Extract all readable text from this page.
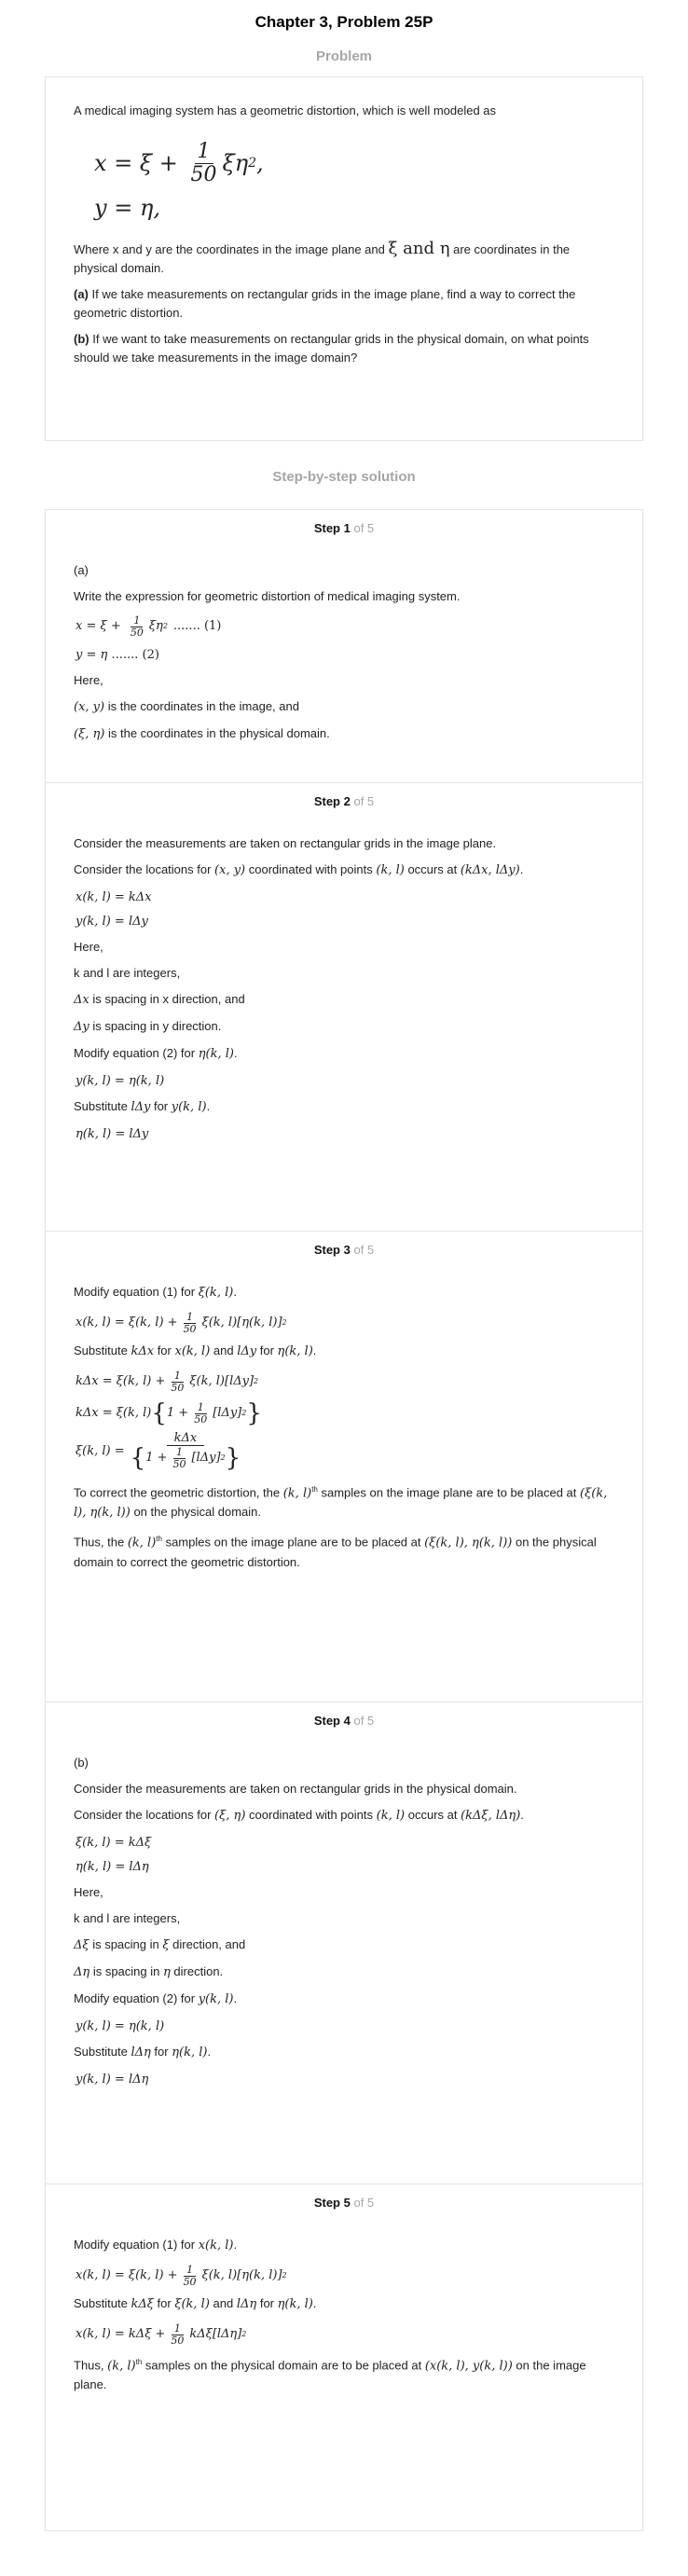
Chapter 3, Problem 25P
Problem

A medical imaging system has a geometric distortion, which is well modeled as

$x = \xi + \frac{1}{50}$ ξη 2 ,
y = η,

Where x and y are the coordinates in the image plane and ξ and η are coordinates in the physical domain.

(a) If we take measurements on rectangular grids in the image plane, find a way to correct the geometric distortion.

(b) If we want to take measurements on rectangular grids in the physical domain, on what points should we take measurements in the image domain?

Step-by-step solution
Step 1 of 5

(a)

Write the expression for geometric distortion of medical imaging system.

$x = \xi + \frac{1}{50}$ ξη 2 ....... (1)
y = η ....... (2)

Here,

(x, y) is the coordinates in the image, and

(ξ, η) is the coordinates in the physical domain.

Step 2 of 5

Consider the measurements are taken on rectangular grids in the image plane.

Consider the locations for (x, y) coordinated with points (k, l) occurs at (kΔx, lΔy).

x(k, l) = kΔx
y(k, l) = lΔy

Here,

k and l are integers,

Δx is spacing in x direction, and

Δy is spacing in y direction.

Modify equation (2) for η(k, l).

y(k, l) = η(k, l)

Substitute lΔy for y(k, l).

η(k, l) = lΔy
Step 3 of 5

Modify equation (1) for ξ(k, l).

x(k, l) = ξ(k, $l) + \frac{1}{50} \xi(k$, l)[η(k, l)] 2

Substitute kΔx for x(k, l) and lΔy for η(k, l).

kΔx = ξ(k, $l) + \frac{1}{50} \xi(k$, l)[lΔy] 2
kΔx = ξ(k, l) { $1 + \frac{1}{50} [l\Delta y]$ 2 }
ξ(k, $l) = \frac{\text{kΔx}}{\{ 1 + \frac{1}{50} [l\Delta y] 2 \}}$

To correct the geometric distortion, the (k, l)$^{th}$ samples on the image plane are to be placed at (ξ(k, l), η(k, l)) on the physical domain.

Thus, the (k, l)$^{th}$ samples on the image plane are to be placed at (ξ(k, l), η(k, l)) on the physical domain to correct the geometric distortion.

Step 4 of 5

(b)

Consider the measurements are taken on rectangular grids in the physical domain.

Consider the locations for (ξ, η) coordinated with points (k, l) occurs at (kΔξ, lΔη).

ξ(k, l) = kΔξ
η(k, l) = lΔη

Here,

k and l are integers,

Δξ is spacing in ξ direction, and

Δη is spacing in η direction.

Modify equation (2) for y(k, l).

y(k, l) = η(k, l)

Substitute lΔη for η(k, l).

y(k, l) = lΔη
Step 5 of 5

Modify equation (1) for x(k, l).

x(k, l) = ξ(k, $l) + \frac{1}{50} \xi(k$, l)[η(k, l)] 2

Substitute kΔξ for ξ(k, l) and lΔη for η(k, l).

x(k, $l) = k\Delta\xi + \frac{1}{50} k\Delta\xi[l\Delta\eta]$ 2

Thus, (k, l)$^{th}$ samples on the physical domain are to be placed at (x(k, l), y(k, l)) on the image plane.
